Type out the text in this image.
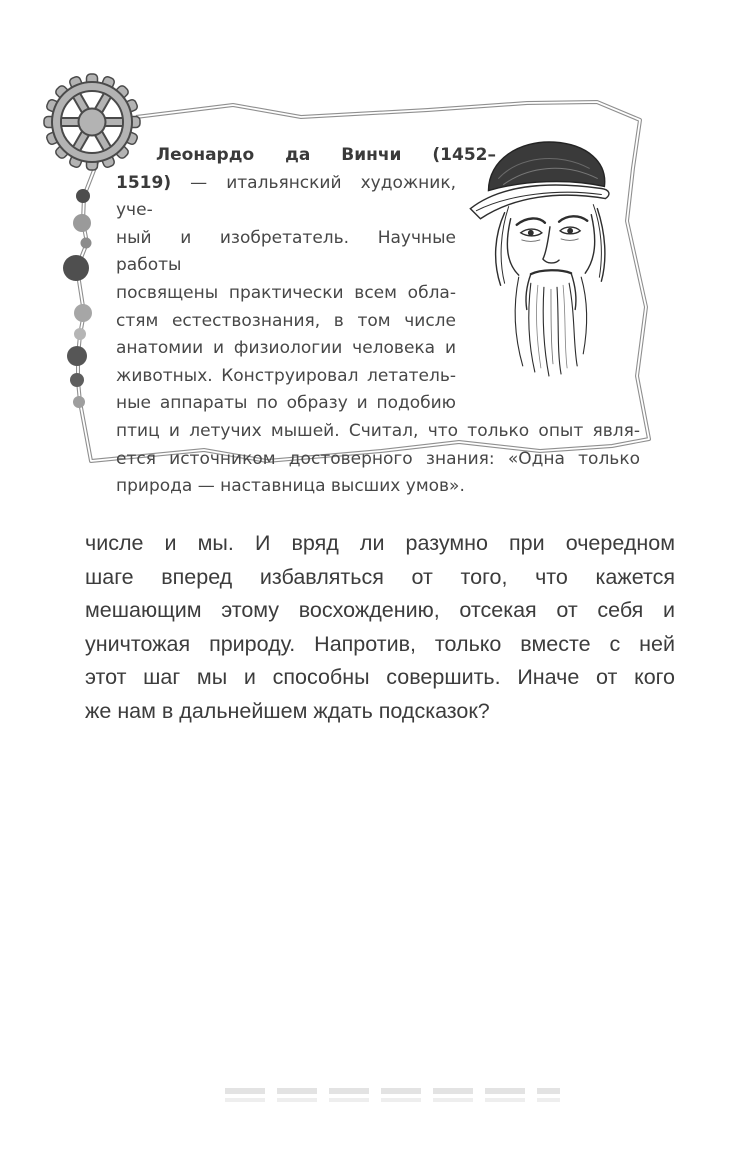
Леонардо да Винчи (1452–
1519) — итальянский художник, уче-
ный и изобретатель. Научные работы
посвящены практически всем обла-
стям естествознания, в том числе
анатомии и физиологии человека и
животных. Конструировал летатель-
ные аппараты по образу и подобию
птиц и летучих мышей. Считал, что только опыт явля-
ется источником достоверного знания: «Одна только
природа — наставница высших умов».
числе и мы. И вряд ли разумно при очередном
шаге вперед избавляться от того, что кажется
мешающим этому восхождению, отсекая от себя и
уничтожая природу. Напротив, только вместе с ней
этот шаг мы и способны совершить. Иначе от кого
же нам в дальнейшем ждать подсказок?
